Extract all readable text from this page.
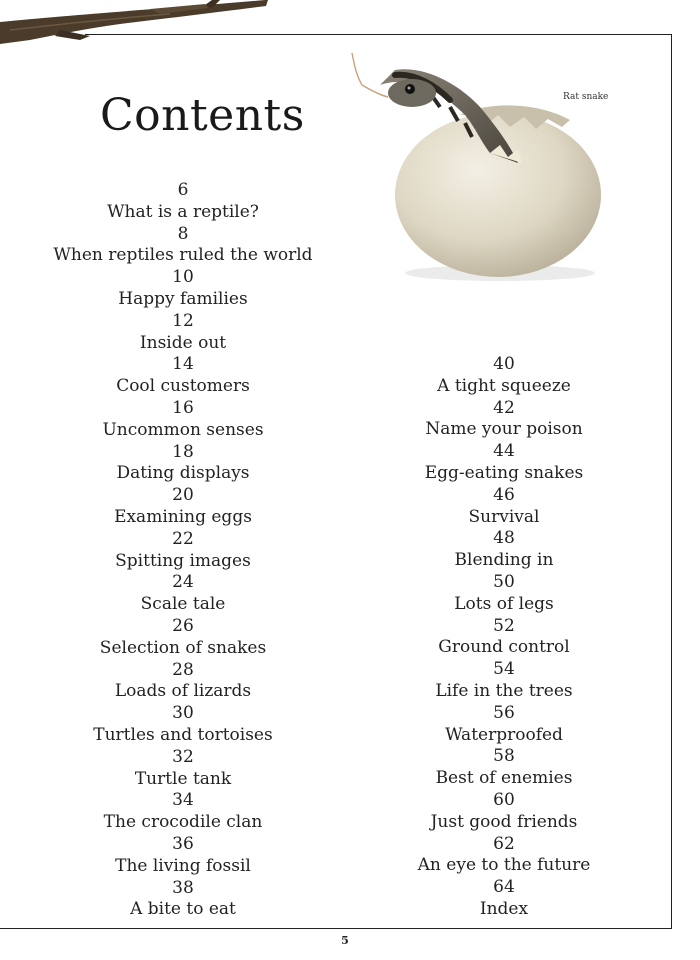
Contents	Rat snake
6
What is a reptile?
8
When reptiles ruled the world
10
Happy families
12
Inside out
14
Cool customers
16
Uncommon senses
18
Dating displays
20
Examining eggs
22
Spitting images
24
Scale tale
26
Selection of snakes
28
Loads of lizards
30
Turtles and tortoises
32
Turtle tank
34
The crocodile clan
36
The living fossil
38
A bite to eat
40
A tight squeeze
42
Name your poison
44
Egg-eating snakes
46
Survival
48
Blending in
50
Lots of legs
52
Ground control
54
Life in the trees
56
Waterproofed
58
Best of enemies
60
Just good friends
62
An eye to the future
64
Index
5
